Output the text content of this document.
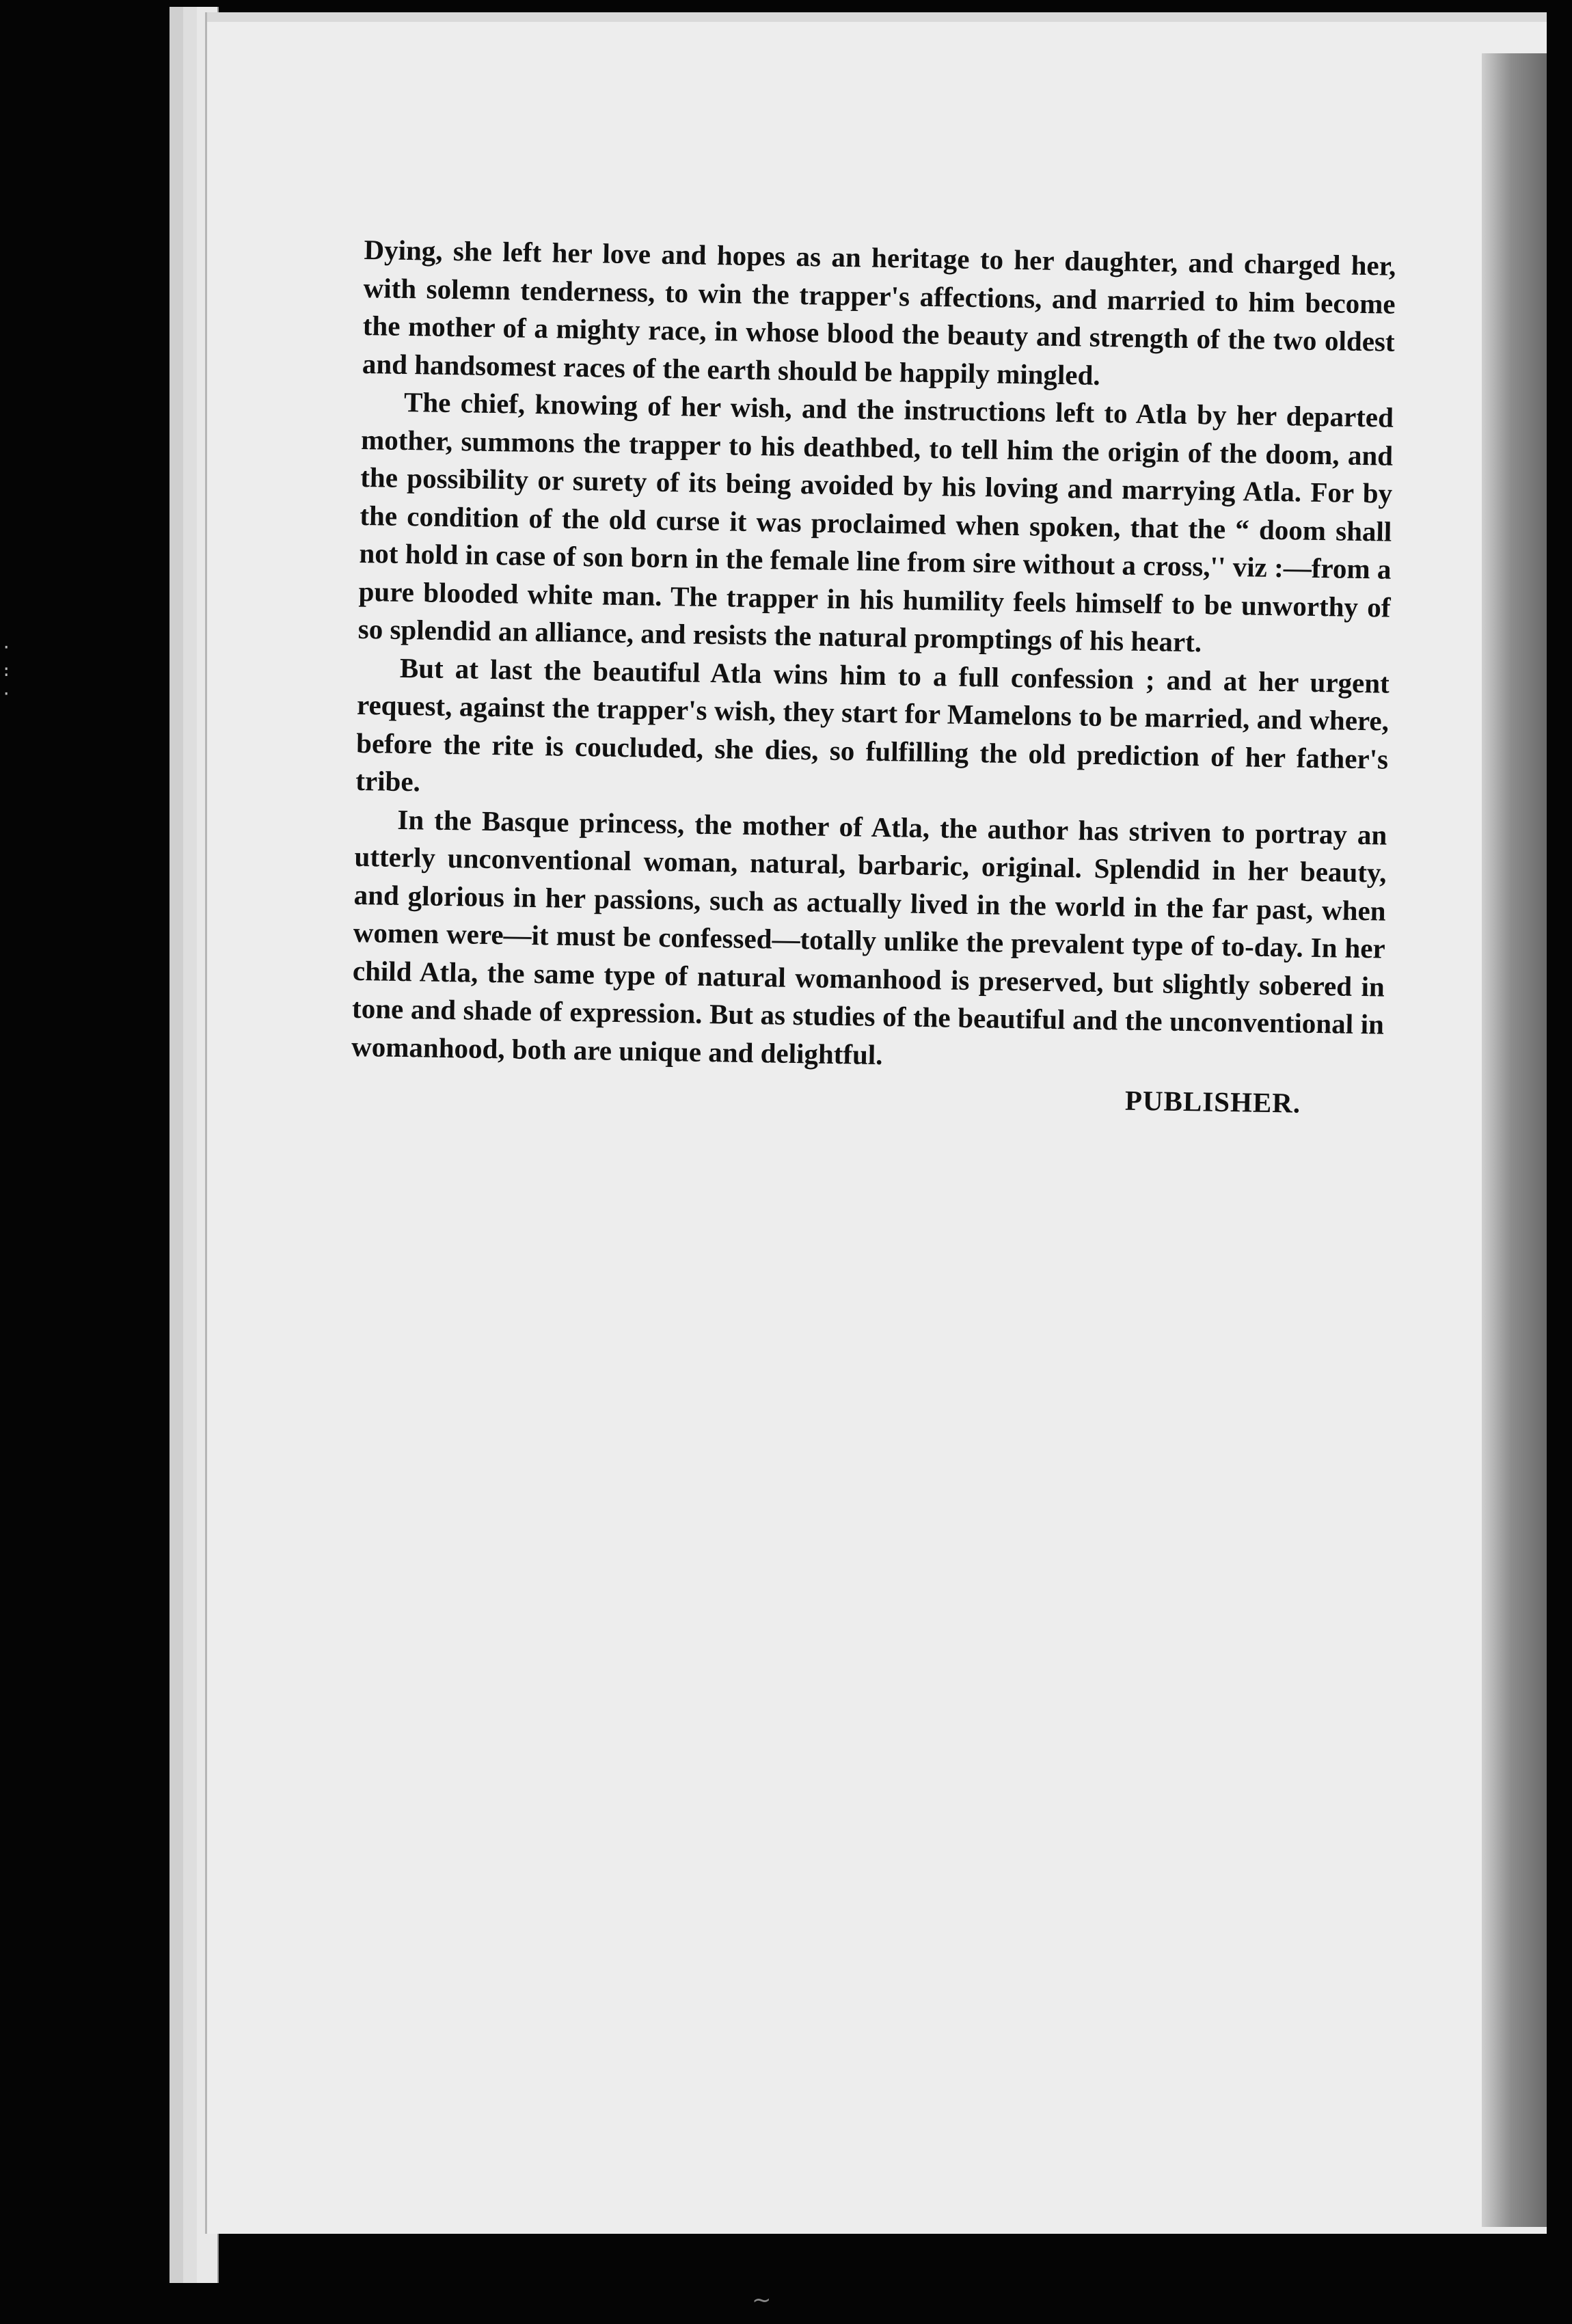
·
:
·

Dying, she left her love and hopes as an heritage to her daughter, and charged her, with solemn tenderness, to win the trapper's affections, and married to him become the mother of a mighty race, in whose blood the beauty and strength of the two oldest and handsomest races of the earth should be happily mingled.

The chief, knowing of her wish, and the instructions left to Atla by her departed mother, summons the trapper to his deathbed, to tell him the origin of the doom, and the possibility or surety of its being avoided by his loving and marrying Atla. For by the condition of the old curse it was proclaimed when spoken, that the “ doom shall not hold in case of son born in the female line from sire without a cross,'' viz :—from a pure blooded white man. The trapper in his humility feels himself to be unworthy of so splendid an alliance, and resists the natural promptings of his heart.

But at last the beautiful Atla wins him to a full confession ; and at her urgent request, against the trapper's wish, they start for Mamelons to be married, and where, before the rite is coucluded, she dies, so fulfilling the old prediction of her father's tribe.

In the Basque princess, the mother of Atla, the author has striven to portray an utterly unconventional woman, natural, barbaric, original. Splendid in her beauty, and glorious in her passions, such as actually lived in the world in the far past, when women were—it must be confessed—totally unlike the prevalent type of to-day. In her child Atla, the same type of natural womanhood is preserved, but slightly sobered in tone and shade of expression. But as studies of the beautiful and the unconventional in womanhood, both are unique and delightful.

PUBLISHER.
~
